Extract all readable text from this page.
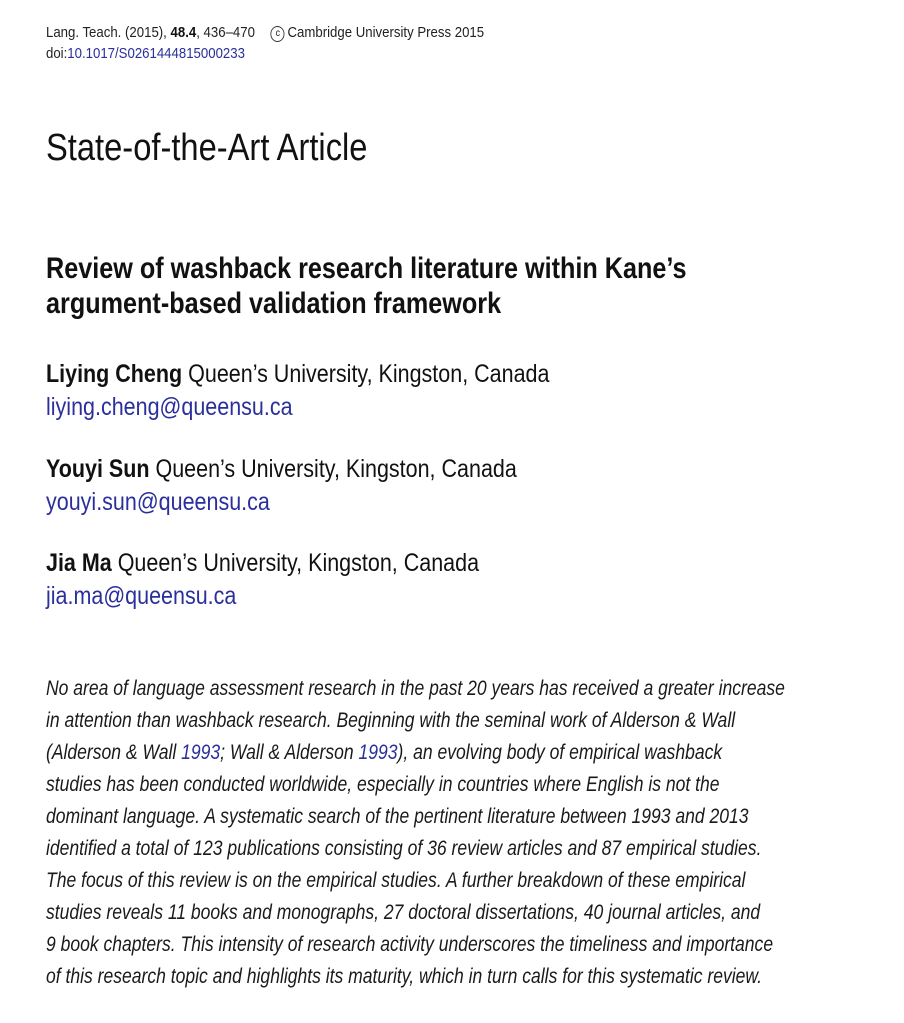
Lang. Teach. (2015), 48.4, 436–470 c Cambridge University Press 2015
doi:10.1017/S0261444815000233
State-of-the-Art Article
Review of washback research literature within Kane’s
argument-based validation framework
Liying Cheng Queen’s University, Kingston, Canada
liying.cheng@queensu.ca
Youyi Sun Queen’s University, Kingston, Canada
youyi.sun@queensu.ca
Jia Ma Queen’s University, Kingston, Canada
jia.ma@queensu.ca
No area of language assessment research in the past 20 years has received a greater increase
in attention than washback research. Beginning with the seminal work of Alderson & Wall
(Alderson & Wall 1993; Wall & Alderson 1993), an evolving body of empirical washback
studies has been conducted worldwide, especially in countries where English is not the
dominant language. A systematic search of the pertinent literature between 1993 and 2013
identified a total of 123 publications consisting of 36 review articles and 87 empirical studies.
The focus of this review is on the empirical studies. A further breakdown of these empirical
studies reveals 11 books and monographs, 27 doctoral dissertations, 40 journal articles, and
9 book chapters. This intensity of research activity underscores the timeliness and importance
of this research topic and highlights its maturity, which in turn calls for this systematic review.
